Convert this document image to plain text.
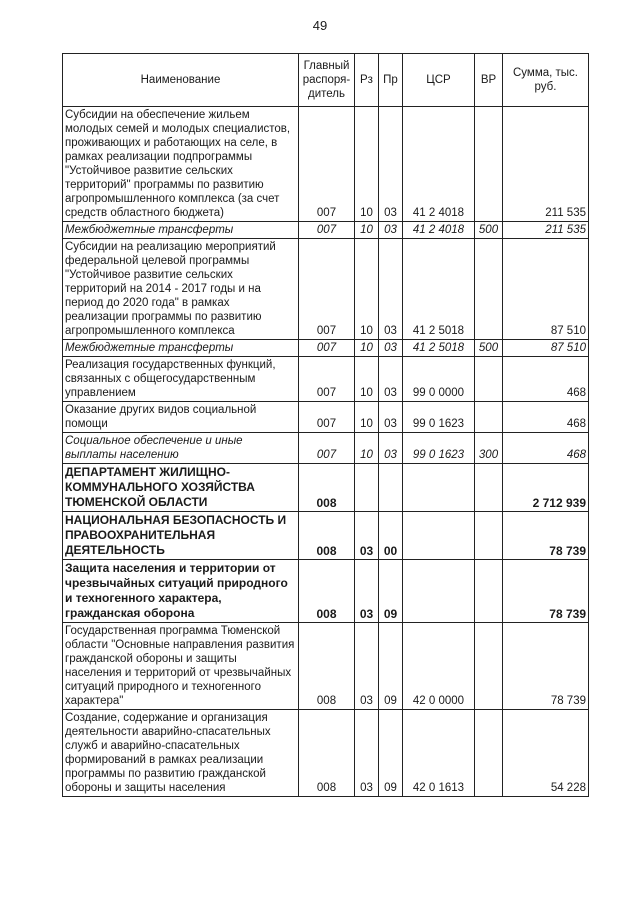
49
Наименование	Главный распоря-дитель	Рз	Пр	ЦСР	ВР	Сумма, тыс. руб.
Субсидии на обеспечение жильем молодых семей и молодых специалистов, проживающих и работающих на селе, в рамках реализации подпрограммы "Устойчивое развитие сельских территорий" программы по развитию агропромышленного комплекса (за счет средств областного бюджета)	007	10	03	41 2 4018		211 535
Межбюджетные трансферты	007	10	03	41 2 4018	500	211 535
Субсидии на реализацию мероприятий федеральной целевой программы "Устойчивое развитие сельских территорий на 2014 - 2017 годы и на период до 2020 года" в рамках реализации программы по развитию агропромышленного комплекса	007	10	03	41 2 5018		87 510
Межбюджетные трансферты	007	10	03	41 2 5018	500	87 510
Реализация государственных функций, связанных с общегосударственным управлением	007	10	03	99 0 0000		468
Оказание других видов социальной помощи	007	10	03	99 0 1623		468
Социальное обеспечение и иные выплаты населению	007	10	03	99 0 1623	300	468
ДЕПАРТАМЕНТ ЖИЛИЩНО-КОММУНАЛЬНОГО ХОЗЯЙСТВА ТЮМЕНСКОЙ ОБЛАСТИ	008					2 712 939
НАЦИОНАЛЬНАЯ БЕЗОПАСНОСТЬ И ПРАВООХРАНИТЕЛЬНАЯ ДЕЯТЕЛЬНОСТЬ	008	03	00			78 739
Защита населения и территории от чрезвычайных ситуаций природного и техногенного характера, гражданская оборона	008	03	09			78 739
Государственная программа Тюменской области "Основные направления развития гражданской обороны и защиты населения и территорий от чрезвычайных ситуаций природного и техногенного характера"	008	03	09	42 0 0000		78 739
Создание, содержание и организация деятельности аварийно-спасательных служб и аварийно-спасательных формирований в рамках реализации программы по развитию гражданской обороны и защиты населения	008	03	09	42 0 1613		54 228
